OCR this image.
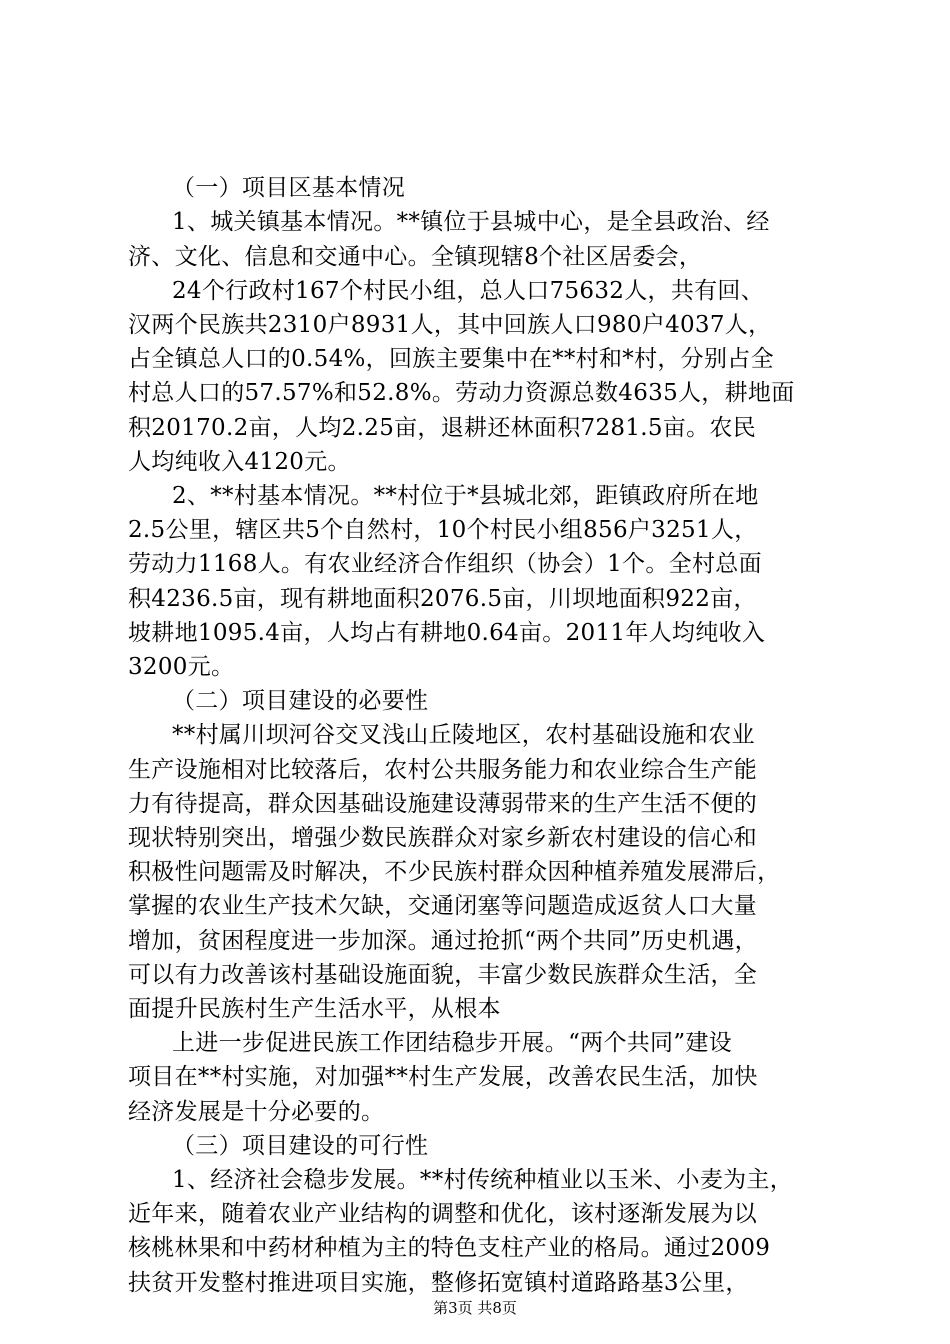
（一）项目区基本情况
1、城关镇基本情况。**镇位于县城中心，是全县政治、经
济、文化、信息和交通中心。全镇现辖8个社区居委会，
24个行政村167个村民小组，总人口75632人，共有回、
汉两个民族共2310户8931人，其中回族人口980户4037人，
占全镇总人口的0.54%，回族主要集中在**村和*村，分别占全
村总人口的57.57%和52.8%。劳动力资源总数4635人，耕地面
积20170.2亩，人均2.25亩，退耕还林面积7281.5亩。农民
人均纯收入4120元。
2、**村基本情况。**村位于*县城北郊，距镇政府所在地
2.5公里，辖区共5个自然村，10个村民小组856户3251人，
劳动力1168人。有农业经济合作组织（协会）1个。全村总面
积4236.5亩，现有耕地面积2076.5亩，川坝地面积922亩，
坡耕地1095.4亩，人均占有耕地0.64亩。2011年人均纯收入
3200元。
（二）项目建设的必要性
**村属川坝河谷交叉浅山丘陵地区，农村基础设施和农业
生产设施相对比较落后，农村公共服务能力和农业综合生产能
力有待提高，群众因基础设施建设薄弱带来的生产生活不便的
现状特别突出，增强少数民族群众对家乡新农村建设的信心和
积极性问题需及时解决，不少民族村群众因种植养殖发展滞后，
掌握的农业生产技术欠缺，交通闭塞等问题造成返贫人口大量
增加，贫困程度进一步加深。通过抢抓“两个共同”历史机遇，
可以有力改善该村基础设施面貌，丰富少数民族群众生活，全
面提升民族村生产生活水平，从根本
上进一步促进民族工作团结稳步开展。“两个共同”建设
项目在**村实施，对加强**村生产发展，改善农民生活，加快
经济发展是十分必要的。
（三）项目建设的可行性
1、经济社会稳步发展。**村传统种植业以玉米、小麦为主，
近年来，随着农业产业结构的调整和优化，该村逐渐发展为以
核桃林果和中药材种植为主的特色支柱产业的格局。通过2009
扶贫开发整村推进项目实施，整修拓宽镇村道路路基3公里，
第3页 共8页
